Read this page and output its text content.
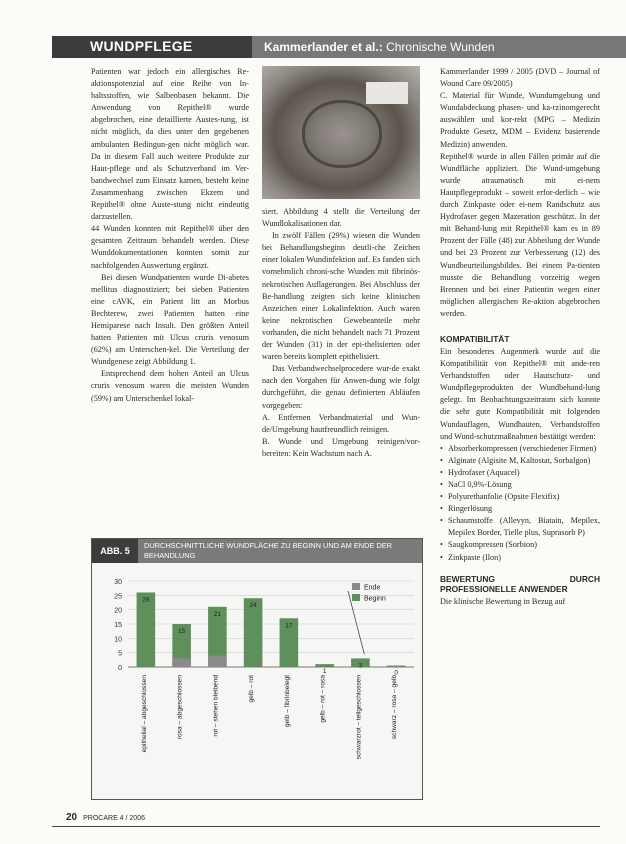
WUNDPFLEGE	Kammerlander et al.: Chronische Wunden

Patienten war jedoch ein allergisches Re-aktionspotenzial auf eine Reihe von In-haltsstoffen, wie Salbenbasen bekannt. Die Anwendung von Repithel® wurde abgebrochen, eine detaillierte Austes-tung, ist nicht möglich, da dies unter den gegebenen ambulanten Bedingun-gen nicht möglich war. Da in diesem Fall auch weitere Produkte zur Haut-pflege und als Schutzverband im Ver-bandwechsel zum Einsatz kamen, besteht keine Zusammenhang zwischen Ekzem und Repithel® ohne Auste-stung nicht eindeutig darzustellen.

44 Wunden konnten mit Repithel® über den gesamten Zeitraum behandelt werden. Diese Wunddokumentationen konnten somit zur nachfolgenden Auswertung ergänzt.

Bei diesen Wundpatienten wurde Di-abetes mellitus diagnostiziert; bei sieben Patienten eine cAVK, ein Patient litt an Morbus Bechterew, zwei Patienten hatten eine Hemiparese nach Insult. Den größten Anteil hatten Patienten mit Ulcus cruris venosum (62%) am Unterschen-kel. Die Verteilung der Wundgenese zeigt Abbildung 1.

Entsprechend dem hohen Anteil an Ulcus cruris venosum waren die meisten Wunden (59%) am Unterschenkel lokal-

siert. Abbildung 4 stellt die Verteilung der Wundlokalisationen dar.

In zwölf Fällen (29%) wiesen die Wunden bei Behandlungsbeginn deutli-che Zeichen einer lokalen Wundinfektion auf. Es fanden sich vornehmlich chroni-sche Wunden mit fibrinös-nekrotischen Auflagerungen. Bei Abschluss der Be-handlung zeigten sich keine klinischen Anzeichen einer Lokalinfektion. Auch waren keine nekrotischen Gewebeanteile mehr vorhanden, die nicht behandelt nach 71 Prozent der Wunden (31) in der epi-thelisierten oder waren bereits komplett epithelisiert.

Das Verbandwechselprocedere wur-de exakt nach den Vorgaben für Anwen-dung wie folgt durchgeführt, die genau definierten Abläufen vorgegeben:

A. Entfernen Verbandmaterial und Wun-de/Umgebung hautfreundlich reinigen.

B. Wunde und Umgebung reinigen/vor-bereiten: Kein Wachstum nach A.

Kammerlander 1999 / 2005 (DVD – Journal of Wound Care 09/2005)

C. Material für Wunde, Wundumgebung und Wundabdeckung phasen- und ka-rzinomgerecht auswählen und kor-rekt (MPG – Medizin Produkte Gesetz, MDM – Evidenz basierende Medizin) anwenden.

Repithel® wurde in allen Fällen primär auf die Wundfläche appliziert. Die Wund-umgebung wurde atraumatisch mit ei-nem Hautpflegeprodukt – soweit erfor-derlich – wie durch Zinkpaste oder ei-nem Randschutz aus Hydrofaser gegen Mazeration geschützt. In der mit Behand-lung mit Repithel® kam es in 89 Prozent der Fälle (48) zur Abheilung der Wunde und bei 23 Prozent zur Verbesserung (12) des Wundbeurteilungsbildes. Bei einem Pa-tienten musste die Behandlung vorzeitig wegen Brennen und bei einer Patientin wegen einer möglichen allergischen Re-aktion abgebrochen werden.

KOMPATIBILITÄT

Ein besonderes Augenmerk wurde auf die Kompatibilität von Repithel® mit ande-ren Verbandstoffen oder Hautschutz- und Wundpflegeprodukten der Wundbehand-lung gelegt. Im Beobachtungszeitraum sich konnte die sehr gute Kompatibilität mit folgenden Wundauflagen, Wundhauten, Verbandstoffen und Wund-schutzmaßnahmen bestätigt werden:

• Absorberkompressen (verschiedener Firmen)
• Alginate (Algisite M, Kaltostat, Sorbalgon)
• Hydrofaser (Aquacel)
• NaCl 0,9%-Lösung
• Polyurethanfolie (Opsite Flexifix)
• Ringerlösung
• Schaumstoffe (Allevyn, Biatain, Mepilex, Mepilex Border, Tielle plus, Suprasorb P)
• Saugkompressen (Sorbion)
• Zinkpaste (Ilon)
BEWERTUNG DURCH PROFESSIONELLE ANWENDER

Die klinische Bewertung in Bezug auf

ABB. 5
DURCHSCHNITTLICHE WUNDFLÄCHE ZU BEGINN UND AM ENDE DER BEHANDLUNG
0
5
10
15
20
25
30
26
epithelial – abgeschlossen
15
rosa – abgeschlossen
21
rot – stehen bleibend
24
gelb – rot
17
gelb – fibrinbelegt
1
gelb – rot – rosa
3
schwarzrot – teilgeschlossen
0
schwarz – rosa – gelb
Ende
Beginn
20 PROCARE 4 / 2006
